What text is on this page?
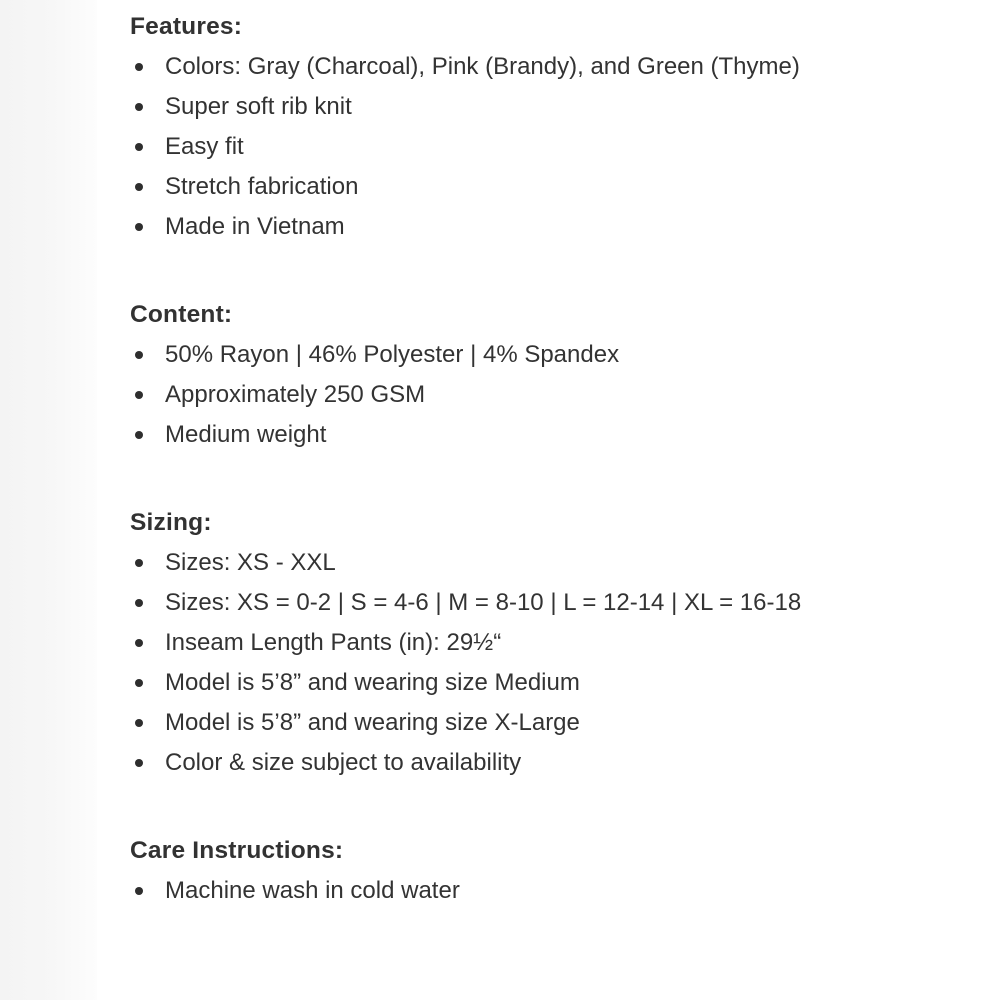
Features:
Colors: Gray (Charcoal), Pink (Brandy), and Green (Thyme)
Super soft rib knit
Easy fit
Stretch fabrication
Made in Vietnam
Content:
50% Rayon | 46% Polyester | 4% Spandex
Approximately 250 GSM
Medium weight
Sizing:
Sizes: XS - XXL
Sizes: XS = 0-2 | S = 4-6 | M = 8-10 | L = 12-14 | XL = 16-18
Inseam Length Pants (in): 29½“
Model is 5’8” and wearing size Medium
Model is 5’8” and wearing size X-Large
Color & size subject to availability
Care Instructions:
Machine wash in cold water
